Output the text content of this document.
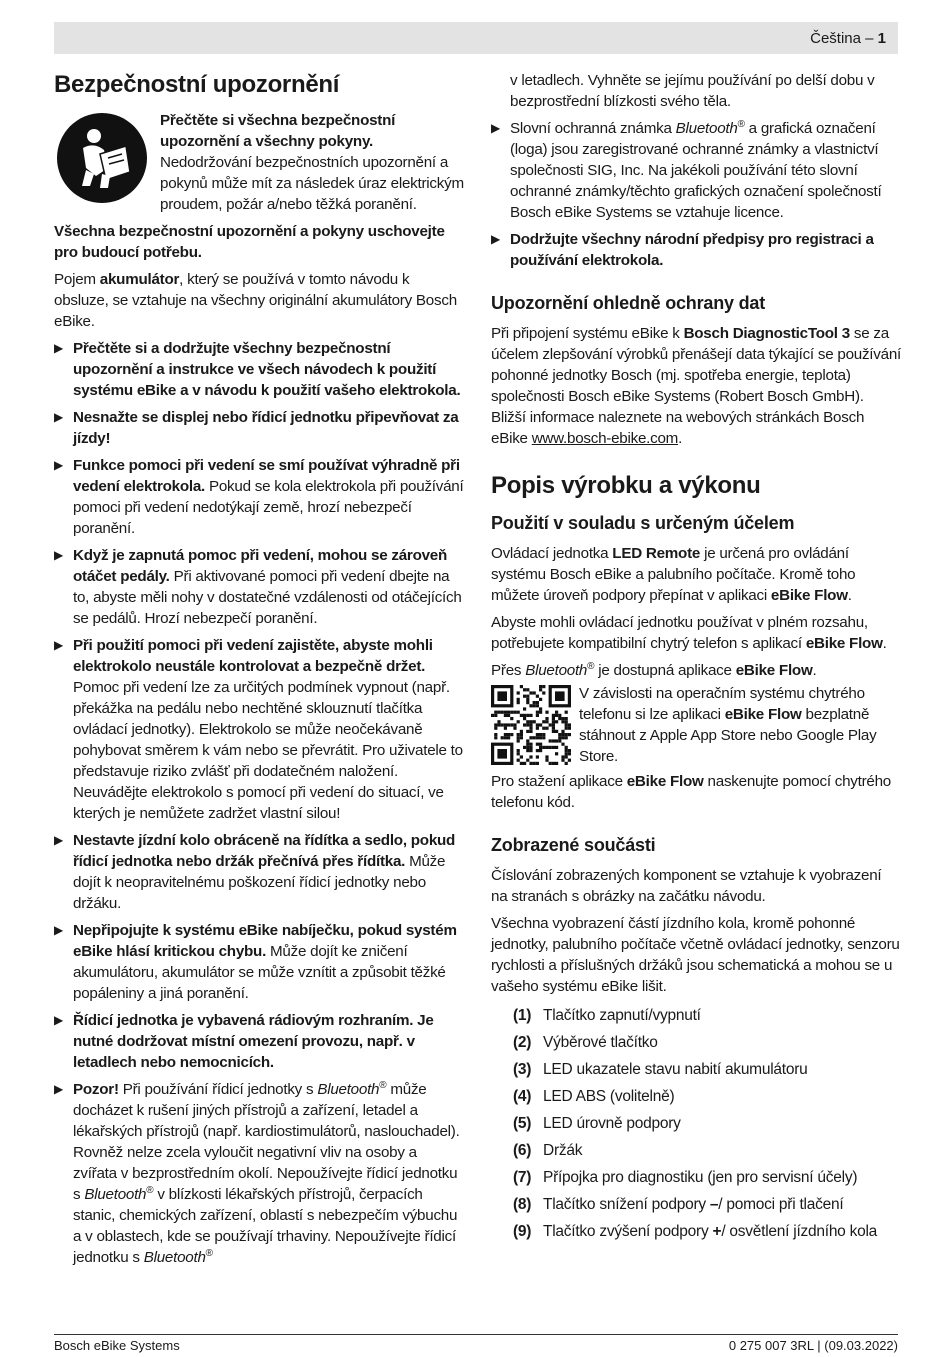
Čeština – 1
Bezpečnostní upozornění
Přečtěte si všechna bezpečnostní upozornění a všechny pokyny. Nedodržování bezpečnostních upozornění a pokynů může mít za následek úraz elektrickým proudem, požár a/nebo těžká poranění.

Všechna bezpečnostní upozornění a pokyny uschovejte pro budoucí potřebu.

Pojem akumulátor, který se používá v tomto návodu k obsluze, se vztahuje na všechny originální akumulátory Bosch eBike.

▶ Přečtěte si a dodržujte všechny bezpečnostní upozornění a instrukce ve všech návodech k použití systému eBike a v návodu k použití vašeho elektrokola.
▶ Nesnažte se displej nebo řídicí jednotku připevňovat za jízdy!
▶ Funkce pomoci při vedení se smí používat výhradně při vedení elektrokola. Pokud se kola elektrokola při používání pomoci při vedení nedotýkají země, hrozí nebezpečí poranění.
▶ Když je zapnutá pomoc při vedení, mohou se zároveň otáčet pedály. Při aktivované pomoci při vedení dbejte na to, abyste měli nohy v dostatečné vzdálenosti od otáčejících se pedálů. Hrozí nebezpečí poranění.
▶ Při použití pomoci při vedení zajistěte, abyste mohli elektrokolo neustále kontrolovat a bezpečně držet. Pomoc při vedení lze za určitých podmínek vypnout (např. překážka na pedálu nebo nechtěné sklouznutí tlačítka ovládací jednotky). Elektrokolo se může neočekávaně pohybovat směrem k vám nebo se převrátit. Pro uživatele to představuje riziko zvlášť při dodatečném naložení. Neuvádějte elektrokolo s pomocí při vedení do situací, ve kterých je nemůžete zadržet vlastní silou!
▶ Nestavte jízdní kolo obráceně na řídítka a sedlo, pokud řídicí jednotka nebo držák přečnívá přes řídítka. Může dojít k neopravitelnému poškození řídicí jednotky nebo držáku.
▶ Nepřipojujte k systému eBike nabíječku, pokud systém eBike hlásí kritickou chybu. Může dojít ke zničení akumulátoru, akumulátor se může vznítit a způsobit těžké popáleniny a jiná poranění.
▶ Řídicí jednotka je vybavená rádiovým rozhraním. Je nutné dodržovat místní omezení provozu, např. v letadlech nebo nemocnicích.
▶ Pozor! Při používání řídicí jednotky s Bluetooth® může docházet k rušení jiných přístrojů a zařízení, letadel a lékařských přístrojů (např. kardiostimulátorů, naslouchadel). Rovněž nelze zcela vyloučit negativní vliv na osoby a zvířata v bezprostředním okolí. Nepoužívejte řídicí jednotku s Bluetooth® v blízkosti lékařských přístrojů, čerpacích stanic, chemických zařízení, oblastí s nebezpečím výbuchu a v oblastech, kde se používají trhaviny. Nepoužívejte řídicí jednotku s Bluetooth®
v letadlech. Vyhněte se jejímu používání po delší dobu v bezprostřední blízkosti svého těla.
▶ Slovní ochranná známka Bluetooth® a grafická označení (loga) jsou zaregistrované ochranné známky a vlastnictví společnosti SIG, Inc. Na jakékoli používání této slovní ochranné známky/těchto grafických označení společností Bosch eBike Systems se vztahuje licence.
▶ Dodržujte všechny národní předpisy pro registraci a používání elektrokola.
Upozornění ohledně ochrany dat

Při připojení systému eBike k Bosch DiagnosticTool 3 se za účelem zlepšování výrobků přenášejí data týkající se používání pohonné jednotky Bosch (mj. spotřeba energie, teplota) společnosti Bosch eBike Systems (Robert Bosch GmbH). Bližší informace naleznete na webových stránkách Bosch eBike www.bosch-ebike.com.

Popis výrobku a výkonu
Použití v souladu s určeným účelem

Ovládací jednotka LED Remote je určená pro ovládání systému Bosch eBike a palubního počítače. Kromě toho můžete úroveň podpory přepínat v aplikaci eBike Flow.

Abyste mohli ovládací jednotku používat v plném rozsahu, potřebujete kompatibilní chytrý telefon s aplikací eBike Flow.

Přes Bluetooth® je dostupná aplikace eBike Flow.

V závislosti na operačním systému chytrého telefonu si lze aplikaci eBike Flow bezplatně stáhnout z Apple App Store nebo Google Play Store.

Pro stažení aplikace eBike Flow naskenujte pomocí chytrého telefonu kód.

Zobrazené součásti

Číslování zobrazených komponent se vztahuje k vyobrazení na stranách s obrázky na začátku návodu.

Všechna vyobrazení částí jízdního kola, kromě pohonné jednotky, palubního počítače včetně ovládací jednotky, senzoru rychlosti a příslušných držáků jsou schematická a mohou se u vašeho systému eBike lišit.

(1) Tlačítko zapnutí/vypnutí
(2) Výběrové tlačítko
(3) LED ukazatele stavu nabití akumulátoru
(4) LED ABS (volitelně)
(5) LED úrovně podpory
(6) Držák
(7) Přípojka pro diagnostiku (jen pro servisní účely)
(8) Tlačítko snížení podpory –/ pomoci při tlačení
(9) Tlačítko zvýšení podpory +/ osvětlení jízdního kola
Bosch eBike Systems	0 275 007 3RL | (09.03.2022)
